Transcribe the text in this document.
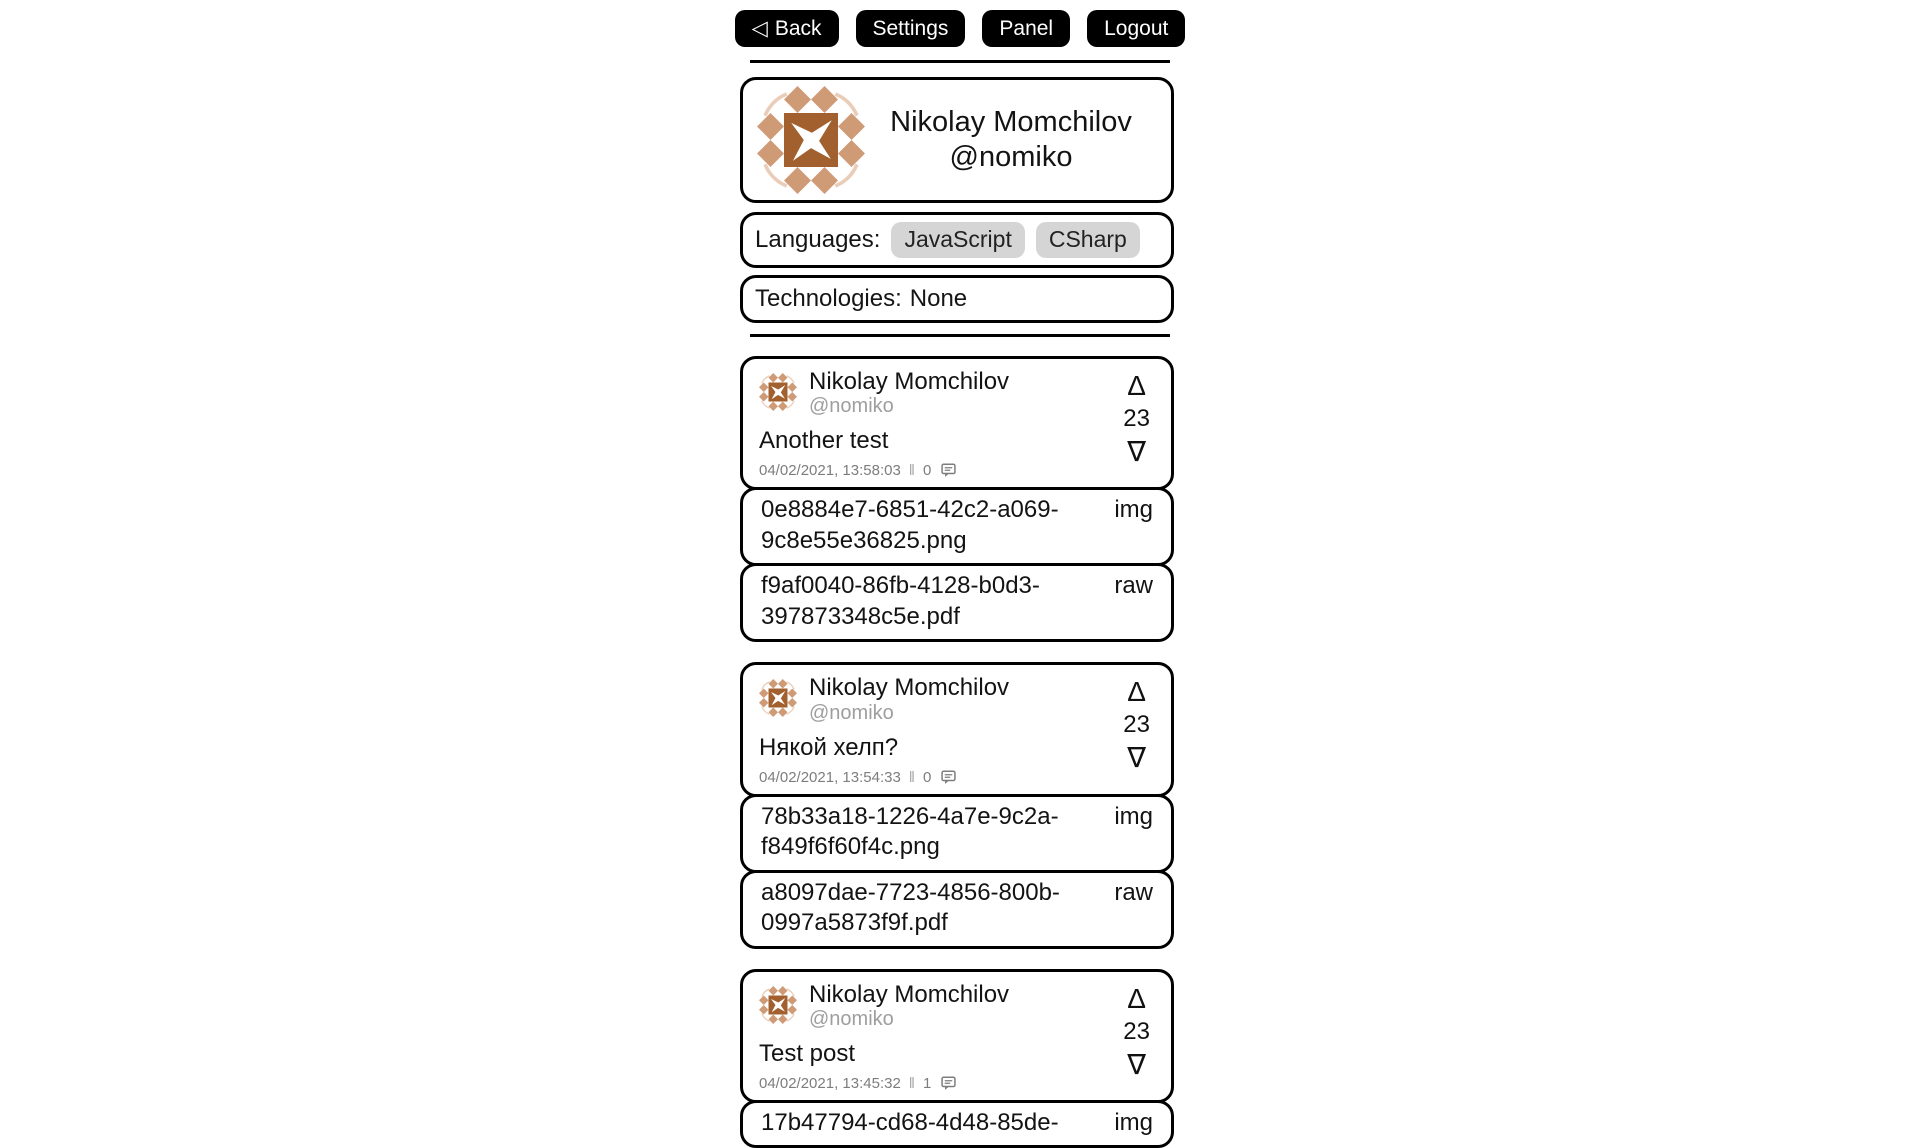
◁ Back	Settings	Panel	Logout
Nikolay Momchilov
@nomiko
Languages:	JavaScript	CSharp
Technologies: None
Nikolay Momchilov
@nomiko
Another test
04/02/2021, 13:58:03 ‖ 0
Δ
23
∇
0e8884e7-6851-42c2-a069-9c8e55e36825.png
img
f9af0040-86fb-4128-b0d3-397873348c5e.pdf
raw
Nikolay Momchilov
@nomiko
Някой хелп?
04/02/2021, 13:54:33 ‖ 0
Δ
23
∇
78b33a18-1226-4a7e-9c2a-f849f6f60f4c.png
img
a8097dae-7723-4856-800b-0997a5873f9f.pdf
raw
Nikolay Momchilov
@nomiko
Test post
04/02/2021, 13:45:32 ‖ 1
Δ
23
∇
17b47794-cd68-4d48-85de-	img
